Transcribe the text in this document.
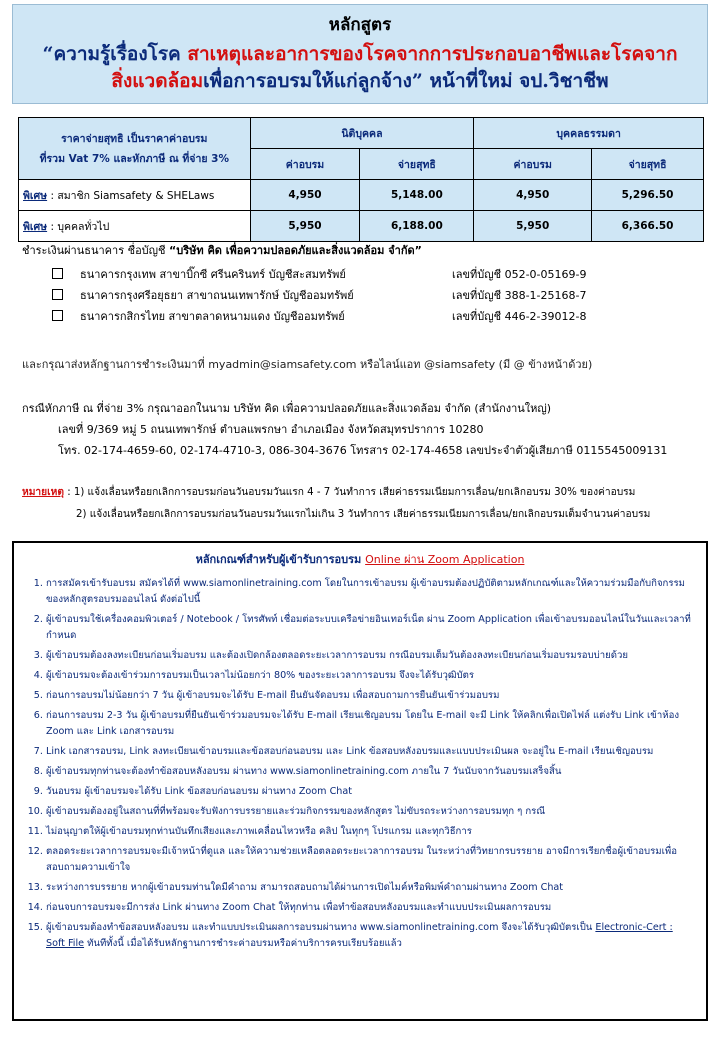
หลักสูตร
“ความรู้เรื่องโรค สาเหตุและอาการของโรคจากการประกอบอาชีพและโรคจาก
สิ่งแวดล้อมเพื่อการอบรมให้แก่ลูกจ้าง” หน้าที่ใหม่ จป.วิชาชีพ
ราคาจ่ายสุทธิ เป็นราคาค่าอบรม
ที่รวม Vat 7% และหักภาษี ณ ที่จ่าย 3%	นิติบุคคล		บุคคลธรรมดา	
	ค่าอบรม	จ่ายสุทธิ	ค่าอบรม	จ่ายสุทธิ
พิเศษ : สมาชิก Siamsafety & SHELaws	4,950	5,148.00	4,950	5,296.50
พิเศษ : บุคคลทั่วไป	5,950	6,188.00	5,950	6,366.50
ชำระเงินผ่านธนาคาร ชื่อบัญชี “บริษัท คิด เพื่อความปลอดภัยและสิ่งแวดล้อม จำกัด”
ธนาคารกรุงเทพ สาขาบิ๊กซี ศรีนครินทร์ บัญชีสะสมทรัพย์	เลขที่บัญชี 052-0-05169-9
ธนาคารกรุงศรีอยุธยา สาขาถนนเทพารักษ์ บัญชีออมทรัพย์	เลขที่บัญชี 388-1-25168-7
ธนาคารกสิกรไทย สาขาตลาดหนามแดง บัญชีออมทรัพย์	เลขที่บัญชี 446-2-39012-8
และกรุณาส่งหลักฐานการชำระเงินมาที่ myadmin@siamsafety.com หรือไลน์แอท @siamsafety (มี @ ข้างหน้าด้วย)
กรณีหักภาษี ณ ที่จ่าย 3% กรุณาออกในนาม บริษัท คิด เพื่อความปลอดภัยและสิ่งแวดล้อม จำกัด (สำนักงานใหญ่)
เลขที่ 9/369 หมู่ 5 ถนนเทพารักษ์ ตำบลแพรกษา อำเภอเมือง จังหวัดสมุทรปราการ 10280
โทร. 02-174-4659-60, 02-174-4710-3, 086-304-3676 โทรสาร 02-174-4658 เลขประจำตัวผู้เสียภาษี 0115545009131
หมายเหตุ : 1) แจ้งเลื่อนหรือยกเลิกการอบรมก่อนวันอบรมวันแรก 4 - 7 วันทำการ เสียค่าธรรมเนียมการเลื่อน/ยกเลิกอบรม 30% ของค่าอบรม
2) แจ้งเลื่อนหรือยกเลิกการอบรมก่อนวันอบรมวันแรกไม่เกิน 3 วันทำการ เสียค่าธรรมเนียมการเลื่อน/ยกเลิกอบรมเต็มจำนวนค่าอบรม
หลักเกณฑ์สำหรับผู้เข้ารับการอบรม Online ผ่าน Zoom Application
1. การสมัครเข้ารับอบรม สมัครได้ที่ www.siamonlinetraining.com โดยในการเข้าอบรม ผู้เข้าอบรมต้องปฏิบัติตามหลักเกณฑ์และให้ความร่วมมือกับกิจกรรมของหลักสูตรอบรมออนไลน์ ดังต่อไปนี้
2. ผู้เข้าอบรมใช้เครื่องคอมพิวเตอร์ / Notebook / โทรศัพท์ เชื่อมต่อระบบเครือข่ายอินเทอร์เน็ต ผ่าน Zoom Application เพื่อเข้าอบรมออนไลน์ในวันและเวลาที่กำหนด
3. ผู้เข้าอบรมต้องลงทะเบียนก่อนเริ่มอบรม และต้องเปิดกล้องตลอดระยะเวลาการอบรม กรณีอบรมเต็มวันต้องลงทะเบียนก่อนเริ่มอบรมรอบบ่ายด้วย
4. ผู้เข้าอบรมจะต้องเข้าร่วมการอบรมเป็นเวลาไม่น้อยกว่า 80% ของระยะเวลาการอบรม จึงจะได้รับวุฒิบัตร
5. ก่อนการอบรมไม่น้อยกว่า 7 วัน ผู้เข้าอบรมจะได้รับ E-mail ยืนยันจัดอบรม เพื่อสอบถามการยืนยันเข้าร่วมอบรม
6. ก่อนการอบรม 2-3 วัน ผู้เข้าอบรมที่ยืนยันเข้าร่วมอบรมจะได้รับ E-mail เรียนเชิญอบรม โดยใน E-mail จะมี Link ให้คลิกเพื่อเปิดไฟล์ แต่งรับ Link เข้าห้อง Zoom และ Link เอกสารอบรม
7. Link เอกสารอบรม, Link ลงทะเบียนเข้าอบรมและข้อสอบก่อนอบรม และ Link ข้อสอบหลังอบรมและแบบประเมินผล จะอยู่ใน E-mail เรียนเชิญอบรม
8. ผู้เข้าอบรมทุกท่านจะต้องทำข้อสอบหลังอบรม ผ่านทาง www.siamonlinetraining.com ภายใน 7 วันนับจากวันอบรมเสร็จสิ้น
9. วันอบรม ผู้เข้าอบรมจะได้รับ Link ข้อสอบก่อนอบรม ผ่านทาง Zoom Chat
10. ผู้เข้าอบรมต้องอยู่ในสถานที่ที่พร้อมจะรับฟังการบรรยายและร่วมกิจกรรมของหลักสูตร ไม่ขับรถระหว่างการอบรมทุก ๆ กรณี
11. ไม่อนุญาตให้ผู้เข้าอบรมทุกท่านบันทึกเสียงและภาพเคลื่อนไหวหรือ คลิป ในทุกๆ โปรแกรม และทุกวิธีการ
12. ตลอดระยะเวลาการอบรมจะมีเจ้าหน้าที่ดูแล และให้ความช่วยเหลือตลอดระยะเวลาการอบรม ในระหว่างที่วิทยากรบรรยาย อาจมีการเรียกชื่อผู้เข้าอบรมเพื่อสอบถามความเข้าใจ
13. ระหว่างการบรรยาย หากผู้เข้าอบรมท่านใดมีคำถาม สามารถสอบถามได้ผ่านการเปิดไมค์หรือพิมพ์คำถามผ่านทาง Zoom Chat
14. ก่อนจบการอบรมจะมีการส่ง Link ผ่านทาง Zoom Chat ให้ทุกท่าน เพื่อทำข้อสอบหลังอบรมและทำแบบประเมินผลการอบรม
15. ผู้เข้าอบรมต้องทำข้อสอบหลังอบรม และทำแบบประเมินผลการอบรมผ่านทาง www.siamonlinetraining.com จึงจะได้รับวุฒิบัตรเป็น Electronic-Cert : Soft File ทันทีทั้งนี้ เมื่อได้รับหลักฐานการชำระค่าอบรมหรือค่าบริการครบเรียบร้อยแล้ว
